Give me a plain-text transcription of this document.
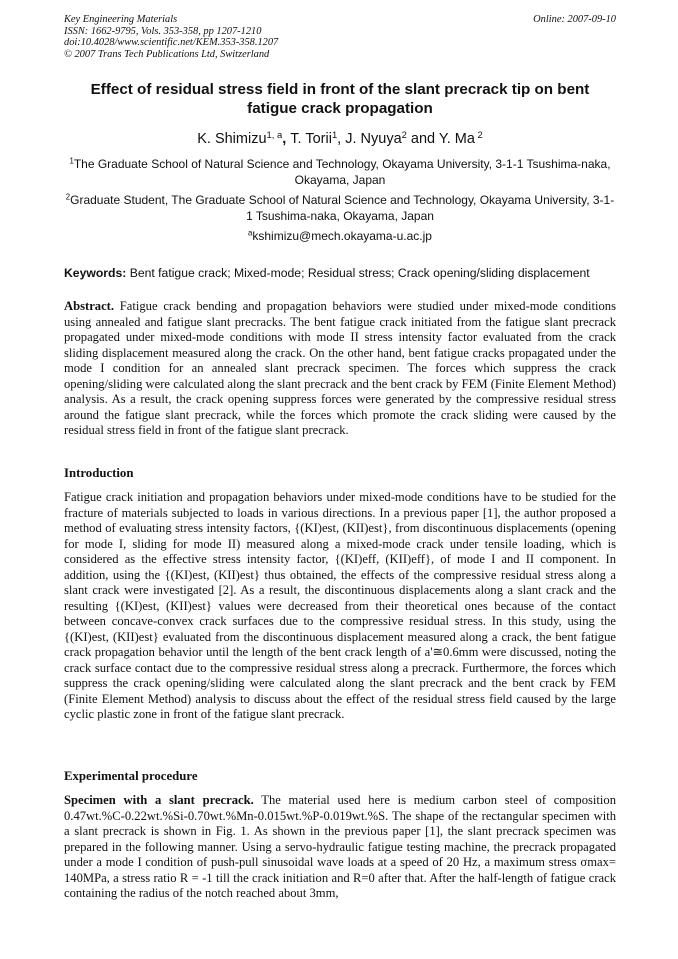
Key Engineering Materials
ISSN: 1662-9795, Vols. 353-358, pp 1207-1210
doi:10.4028/www.scientific.net/KEM.353-358.1207
© 2007 Trans Tech Publications Ltd, Switzerland
Online: 2007-09-10
Effect of residual stress field in front of the slant precrack tip on bent fatigue crack propagation
K. Shimizu$^{1, a}$, T. Torii$^1$, J. Nyuya$^2$ and Y. Ma $^2$
$^1$The Graduate School of Natural Science and Technology, Okayama University, 3-1-1 Tsushima-naka, Okayama, Japan
$^2$Graduate Student, The Graduate School of Natural Science and Technology, Okayama University, 3-1-1 Tsushima-naka, Okayama, Japan
$^a$kshimizu@mech.okayama-u.ac.jp
Keywords: Bent fatigue crack; Mixed-mode; Residual stress; Crack opening/sliding displacement
Abstract. Fatigue crack bending and propagation behaviors were studied under mixed-mode conditions using annealed and fatigue slant precracks. The bent fatigue crack initiated from the fatigue slant precrack propagated under mixed-mode conditions with mode II stress intensity factor evaluated from the crack sliding displacement measured along the crack. On the other hand, bent fatigue cracks propagated under the mode I condition for an annealed slant precrack specimen. The forces which suppress the crack opening/sliding were calculated along the slant precrack and the bent crack by FEM (Finite Element Method) analysis. As a result, the crack opening suppress forces were generated by the compressive residual stress around the fatigue slant precrack, while the forces which promote the crack sliding were caused by the residual stress field in front of the fatigue slant precrack.
Introduction
Fatigue crack initiation and propagation behaviors under mixed-mode conditions have to be studied for the fracture of materials subjected to loads in various directions. In a previous paper [1], the author proposed a method of evaluating stress intensity factors, {(KI)est, (KII)est}, from discontinuous displacements (opening for mode I, sliding for mode II) measured along a mixed-mode crack under tensile loading, which is considered as the effective stress intensity factor, {(KI)eff, (KII)eff}, of mode I and II component. In addition, using the {(KI)est, (KII)est} thus obtained, the effects of the compressive residual stress along a slant crack were investigated [2]. As a result, the discontinuous displacements along a slant crack and the resulting {(KI)est, (KII)est} values were decreased from their theoretical ones because of the contact between concave-convex crack surfaces due to the compressive residual stress. In this study, using the {(KI)est, (KII)est} evaluated from the discontinuous displacement measured along a crack, the bent fatigue crack propagation behavior until the length of the bent crack length of a'≅0.6mm were discussed, noting the crack surface contact due to the compressive residual stress along a precrack. Furthermore, the forces which suppress the crack opening/sliding were calculated along the slant precrack and the bent crack by FEM (Finite Element Method) analysis to discuss about the effect of the residual stress field caused by the large cyclic plastic zone in front of the fatigue slant precrack.
Experimental procedure
Specimen with a slant precrack. The material used here is medium carbon steel of composition 0.47wt.%C-0.22wt.%Si-0.70wt.%Mn-0.015wt.%P-0.019wt.%S. The shape of the rectangular specimen with a slant precrack is shown in Fig. 1. As shown in the previous paper [1], the slant precrack specimen was prepared in the following manner. Using a servo-hydraulic fatigue testing machine, the precrack propagated under a mode I condition of push-pull sinusoidal wave loads at a speed of 20 Hz, a maximum stress σmax= 140MPa, a stress ratio R = -1 till the crack initiation and R=0 after that. After the half-length of fatigue crack containing the radius of the notch reached about 3mm,
